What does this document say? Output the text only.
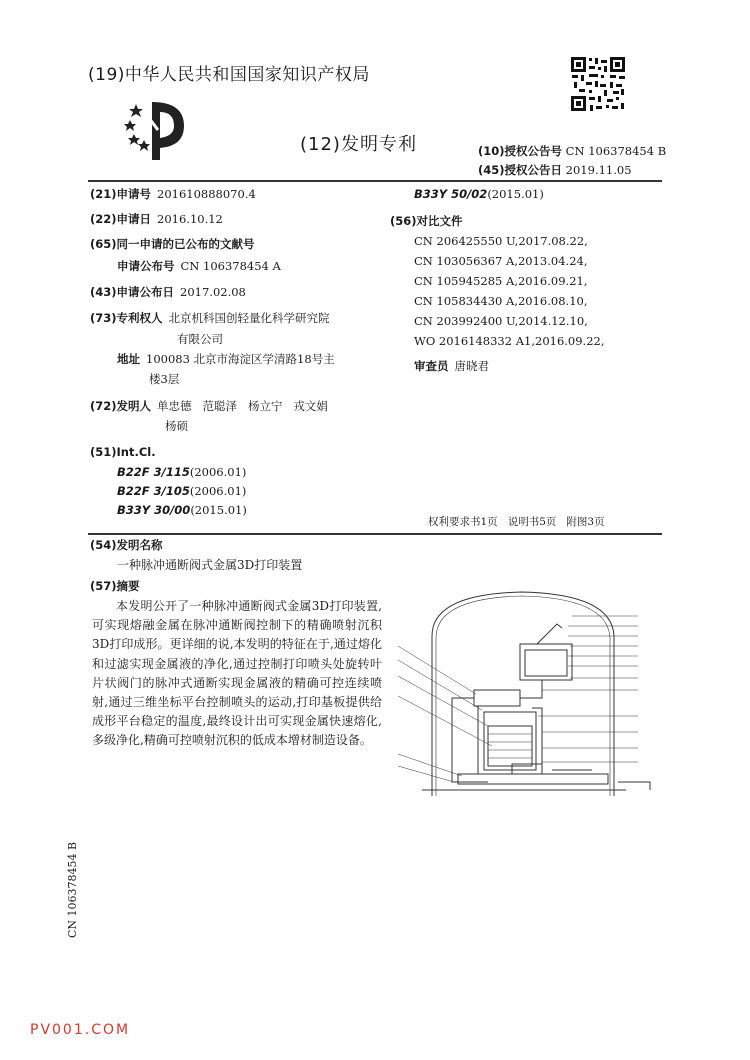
(19)中华人民共和国国家知识产权局
(12)发明专利	(10)授权公告号 CN 106378454 B
(45)授权公告日 2019.11.05
(21)申请号 201610888070.4
(22)申请日 2016.10.12
(65)同一申请的已公布的文献号
申请公布号 CN 106378454 A
(43)申请公布日 2017.02.08
(73)专利权人 北京机科国创轻量化科学研究院
有限公司
地址 100083 北京市海淀区学清路18号主
楼3层
(72)发明人 单忠德   范聪泽   杨立宁   戎文娟
杨硕
(51)Int.Cl.
B22F 3/115(2006.01)
B22F 3/105(2006.01)
B33Y 30/00(2015.01)
B33Y 50/02(2015.01)
(56)对比文件
CN 206425550 U,2017.08.22,
CN 103056367 A,2013.04.24,
CN 105945285 A,2016.09.21,
CN 105834430 A,2016.08.10,
CN 203992400 U,2014.12.10,
WO 2016148332 A1,2016.09.22,
审查员 唐晓君
权利要求书1页   说明书5页   附图3页
(54)发明名称
一种脉冲通断阀式金属3D打印装置
(57)摘要
本发明公开了一种脉冲通断阀式金属3D打印装置,可实现熔融金属在脉冲通断阀控制下的精确喷射沉积3D打印成形。更详细的说,本发明的特征在于,通过熔化和过滤实现金属液的净化,通过控制打印喷头处旋转叶片状阀门的脉冲式通断实现金属液的精确可控连续喷射,通过三维坐标平台控制喷头的运动,打印基板提供给成形平台稳定的温度,最终设计出可实现金属快速熔化,多级净化,精确可控喷射沉积的低成本增材制造设备。
CN 106378454 B
PV001.COM
